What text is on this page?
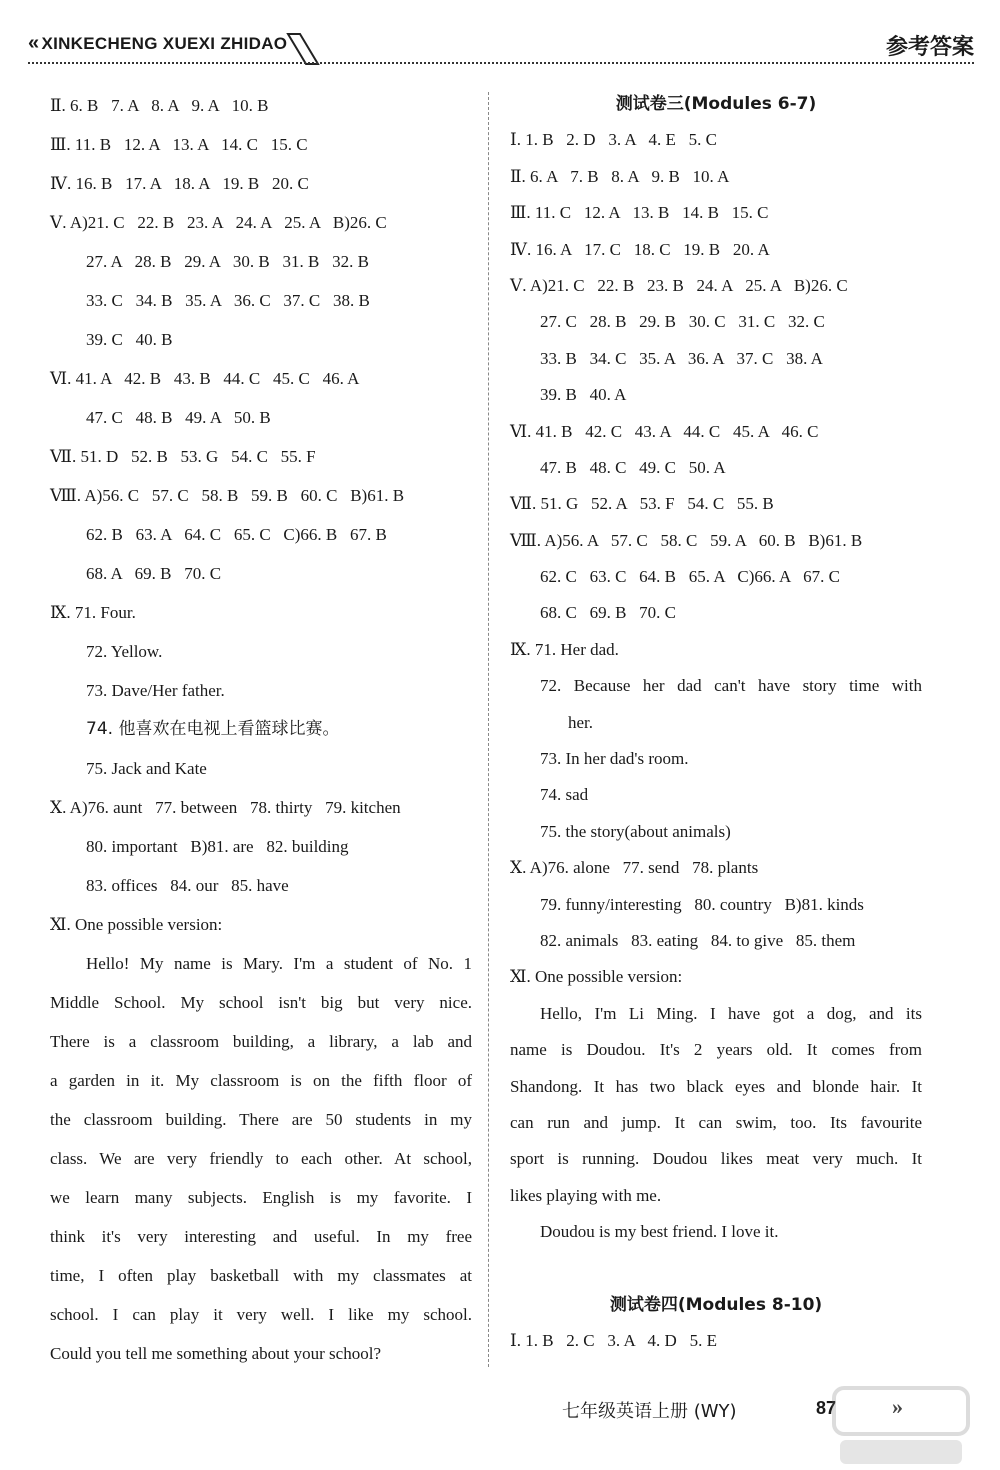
« XINKECHENG XUEXI ZHIDAO	参考答案
Ⅱ. 6. B   7. A   8. A   9. A   10. B
Ⅲ. 11. B   12. A   13. A   14. C   15. C
Ⅳ. 16. B   17. A   18. A   19. B   20. C
Ⅴ. A)21. C   22. B   23. A   24. A   25. A   B)26. C
27. A   28. B   29. A   30. B   31. B   32. B
33. C   34. B   35. A   36. C   37. C   38. B
39. C   40. B
Ⅵ. 41. A   42. B   43. B   44. C   45. C   46. A
47. C   48. B   49. A   50. B
Ⅶ. 51. D   52. B   53. G   54. C   55. F
Ⅷ. A)56. C   57. C   58. B   59. B   60. C   B)61. B
62. B   63. A   64. C   65. C   C)66. B   67. B
68. A   69. B   70. C
Ⅸ. 71. Four.
72. Yellow.
73. Dave/Her father.
74. 他喜欢在电视上看篮球比赛。
75. Jack and Kate
Ⅹ. A)76. aunt   77. between   78. thirty   79. kitchen
80. important   B)81. are   82. building
83. offices   84. our   85. have
Ⅺ. One possible version:
Hello! My name is Mary. I'm a student of No. 1
Middle School. My school isn't big but very nice.
There is a classroom building, a library, a lab and
a garden in it. My classroom is on the fifth floor of
the classroom building. There are 50 students in my
class. We are very friendly to each other. At school,
we learn many subjects. English is my favorite. I
think it's very interesting and useful. In my free
time, I often play basketball with my classmates at
school. I can play it very well. I like my school.
Could you tell me something about your school?
测试卷三(Modules 6-7)
Ⅰ. 1. B   2. D   3. A   4. E   5. C
Ⅱ. 6. A   7. B   8. A   9. B   10. A
Ⅲ. 11. C   12. A   13. B   14. B   15. C
Ⅳ. 16. A   17. C   18. C   19. B   20. A
Ⅴ. A)21. C   22. B   23. B   24. A   25. A   B)26. C
27. C   28. B   29. B   30. C   31. C   32. C
33. B   34. C   35. A   36. A   37. C   38. A
39. B   40. A
Ⅵ. 41. B   42. C   43. A   44. C   45. A   46. C
47. B   48. C   49. C   50. A
Ⅶ. 51. G   52. A   53. F   54. C   55. B
Ⅷ. A)56. A   57. C   58. C   59. A   60. B   B)61. B
62. C   63. C   64. B   65. A   C)66. A   67. C
68. C   69. B   70. C
Ⅸ. 71. Her dad.
72. Because her dad can't have story time with
her.
73. In her dad's room.
74. sad
75. the story(about animals)
Ⅹ. A)76. alone   77. send   78. plants
79. funny/interesting   80. country   B)81. kinds
82. animals   83. eating   84. to give   85. them
Ⅺ. One possible version:
Hello, I'm Li Ming. I have got a dog, and its
name is Doudou. It's 2 years old. It comes from
Shandong. It has two black eyes and blonde hair. It
can run and jump. It can swim, too. Its favourite
sport is running. Doudou likes meat very much. It
likes playing with me.
Doudou is my best friend. I love it.
测试卷四(Modules 8-10)
Ⅰ. 1. B   2. C   3. A   4. D   5. E
七年级英语上册 (WY)	87	»
